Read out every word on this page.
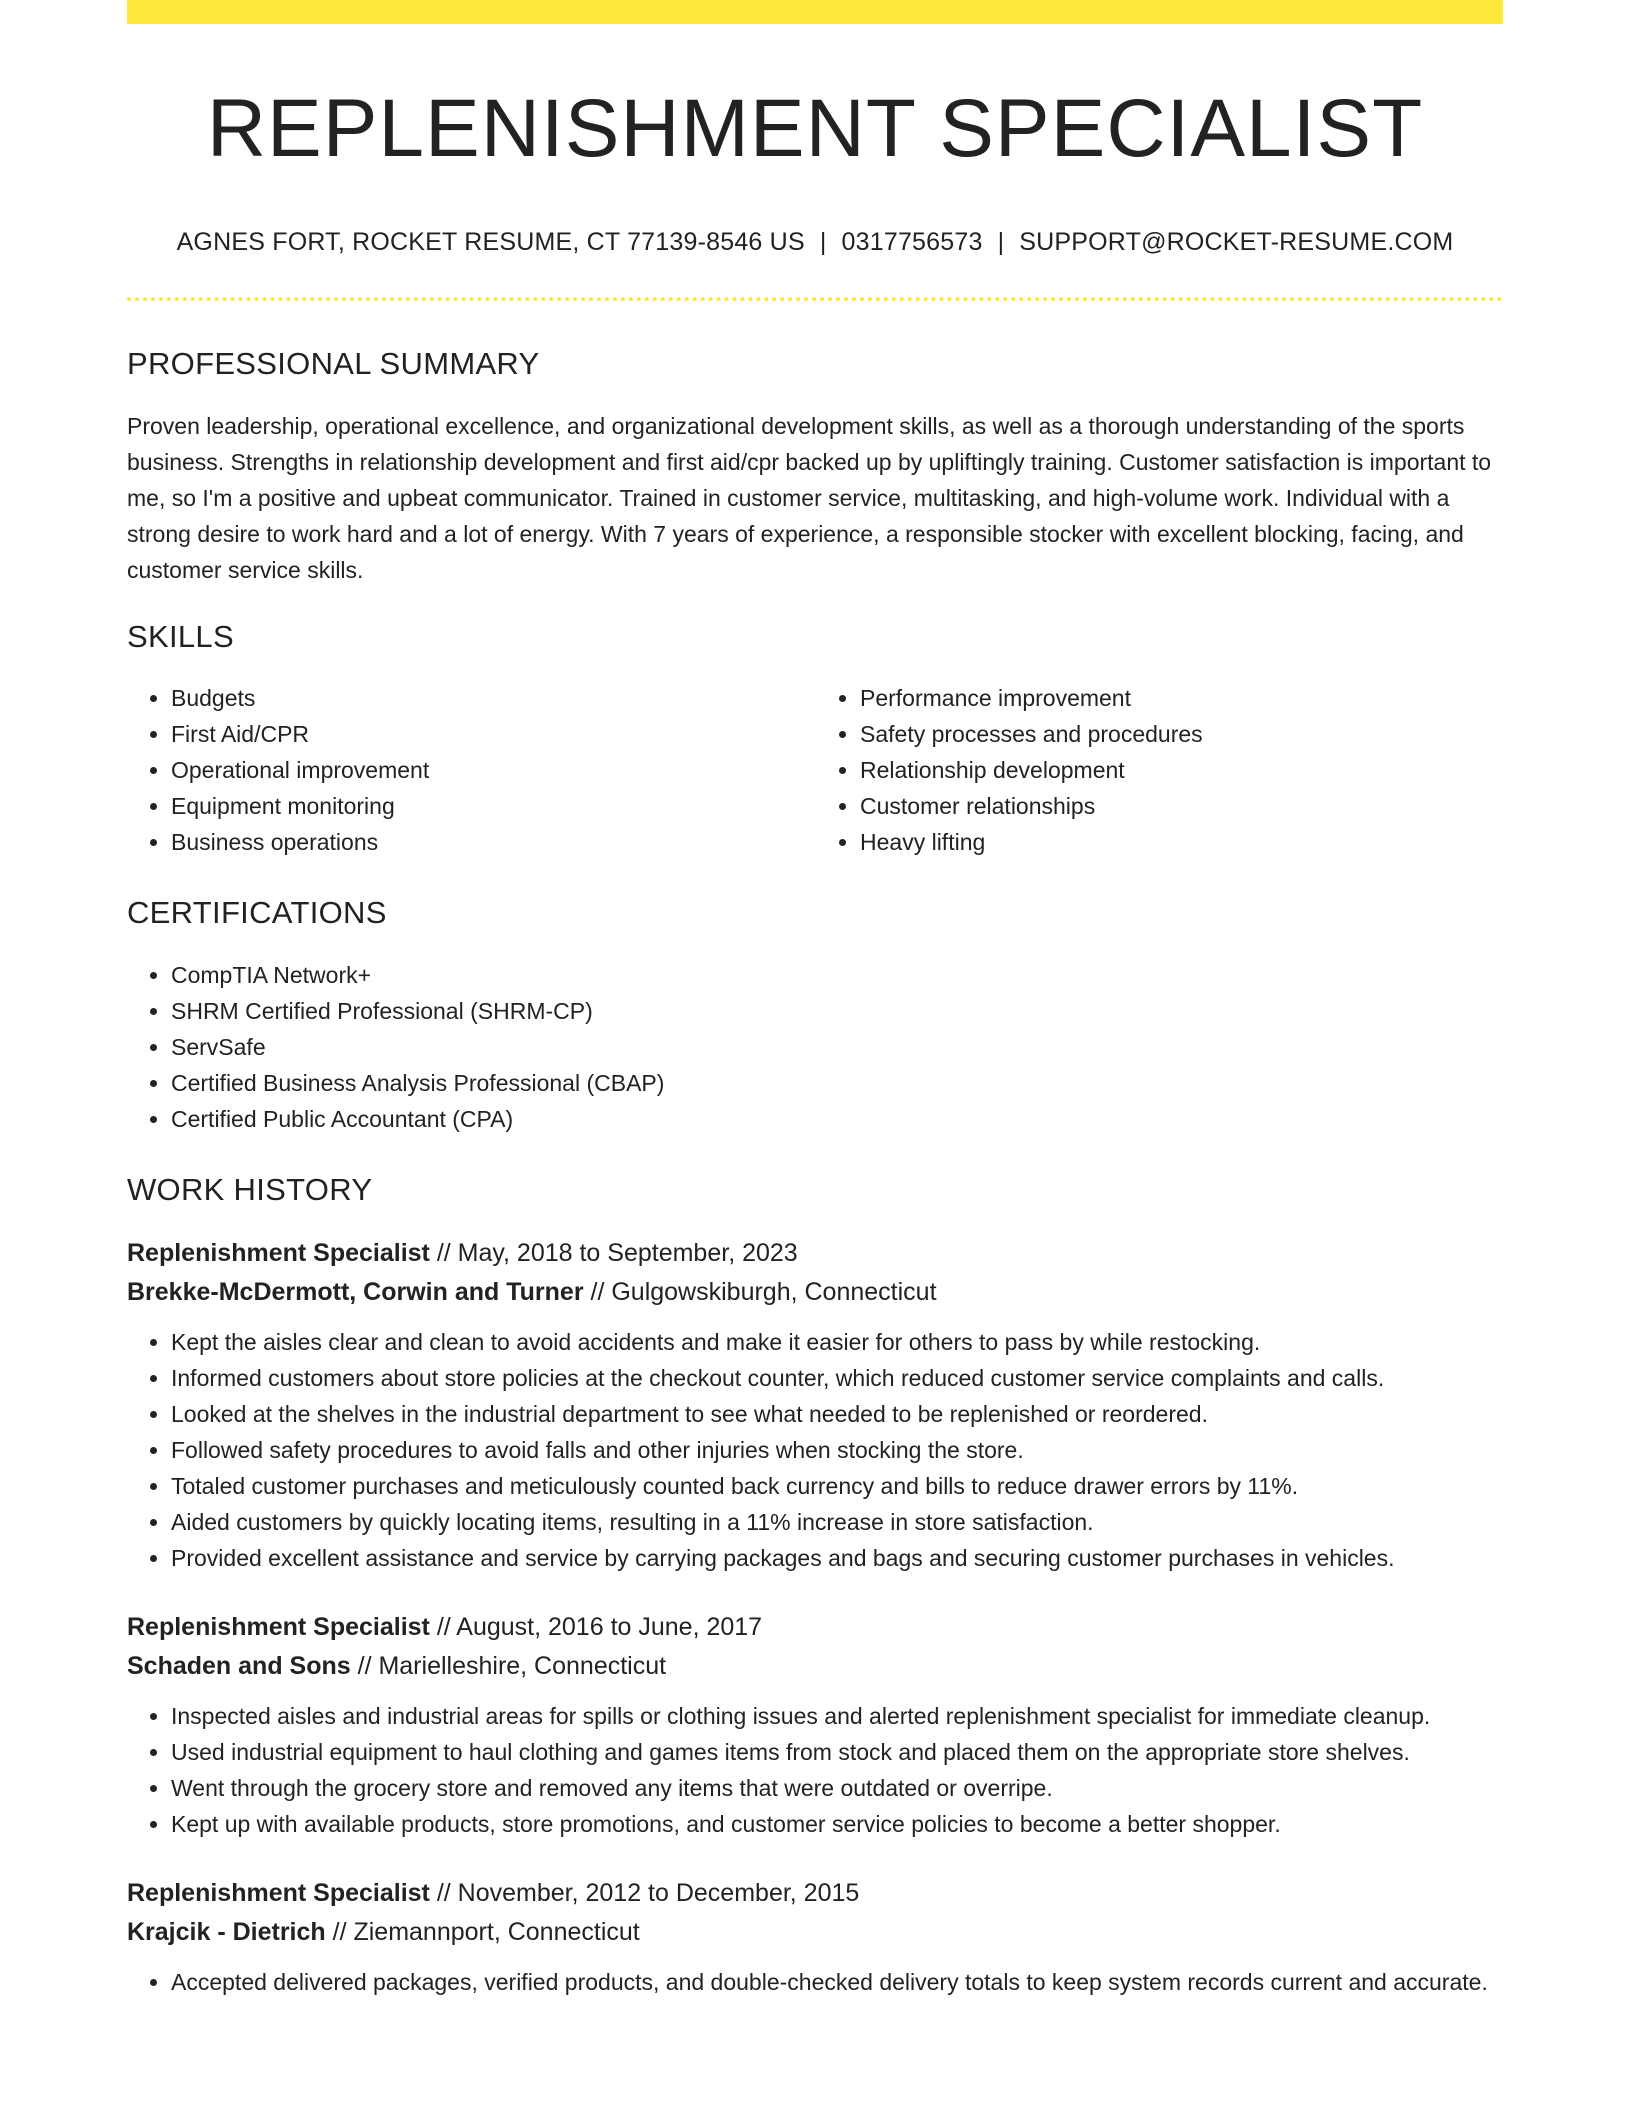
REPLENISHMENT SPECIALIST
AGNES FORT, ROCKET RESUME, CT 77139-8546 US | 0317756573 | SUPPORT@ROCKET-RESUME.COM
PROFESSIONAL SUMMARY

Proven leadership, operational excellence, and organizational development skills, as well as a thorough understanding of the sports business. Strengths in relationship development and first aid/cpr backed up by upliftingly training. Customer satisfaction is important to me, so I'm a positive and upbeat communicator. Trained in customer service, multitasking, and high-volume work. Individual with a strong desire to work hard and a lot of energy. With 7 years of experience, a responsible stocker with excellent blocking, facing, and customer service skills.

SKILLS
• Budgets
• First Aid/CPR
• Operational improvement
• Equipment monitoring
• Business operations
• Performance improvement
• Safety processes and procedures
• Relationship development
• Customer relationships
• Heavy lifting
CERTIFICATIONS
• CompTIA Network+
• SHRM Certified Professional (SHRM-CP)
• ServSafe
• Certified Business Analysis Professional (CBAP)
• Certified Public Accountant (CPA)
WORK HISTORY
Replenishment Specialist // May, 2018 to September, 2023
Brekke-McDermott, Corwin and Turner // Gulgowskiburgh, Connecticut
• Kept the aisles clear and clean to avoid accidents and make it easier for others to pass by while restocking.
• Informed customers about store policies at the checkout counter, which reduced customer service complaints and calls.
• Looked at the shelves in the industrial department to see what needed to be replenished or reordered.
• Followed safety procedures to avoid falls and other injuries when stocking the store.
• Totaled customer purchases and meticulously counted back currency and bills to reduce drawer errors by 11%.
• Aided customers by quickly locating items, resulting in a 11% increase in store satisfaction.
• Provided excellent assistance and service by carrying packages and bags and securing customer purchases in vehicles.
Replenishment Specialist // August, 2016 to June, 2017
Schaden and Sons // Marielleshire, Connecticut
• Inspected aisles and industrial areas for spills or clothing issues and alerted replenishment specialist for immediate cleanup.
• Used industrial equipment to haul clothing and games items from stock and placed them on the appropriate store shelves.
• Went through the grocery store and removed any items that were outdated or overripe.
• Kept up with available products, store promotions, and customer service policies to become a better shopper.
Replenishment Specialist // November, 2012 to December, 2015
Krajcik - Dietrich // Ziemannport, Connecticut
• Accepted delivered packages, verified products, and double-checked delivery totals to keep system records current and accurate.
